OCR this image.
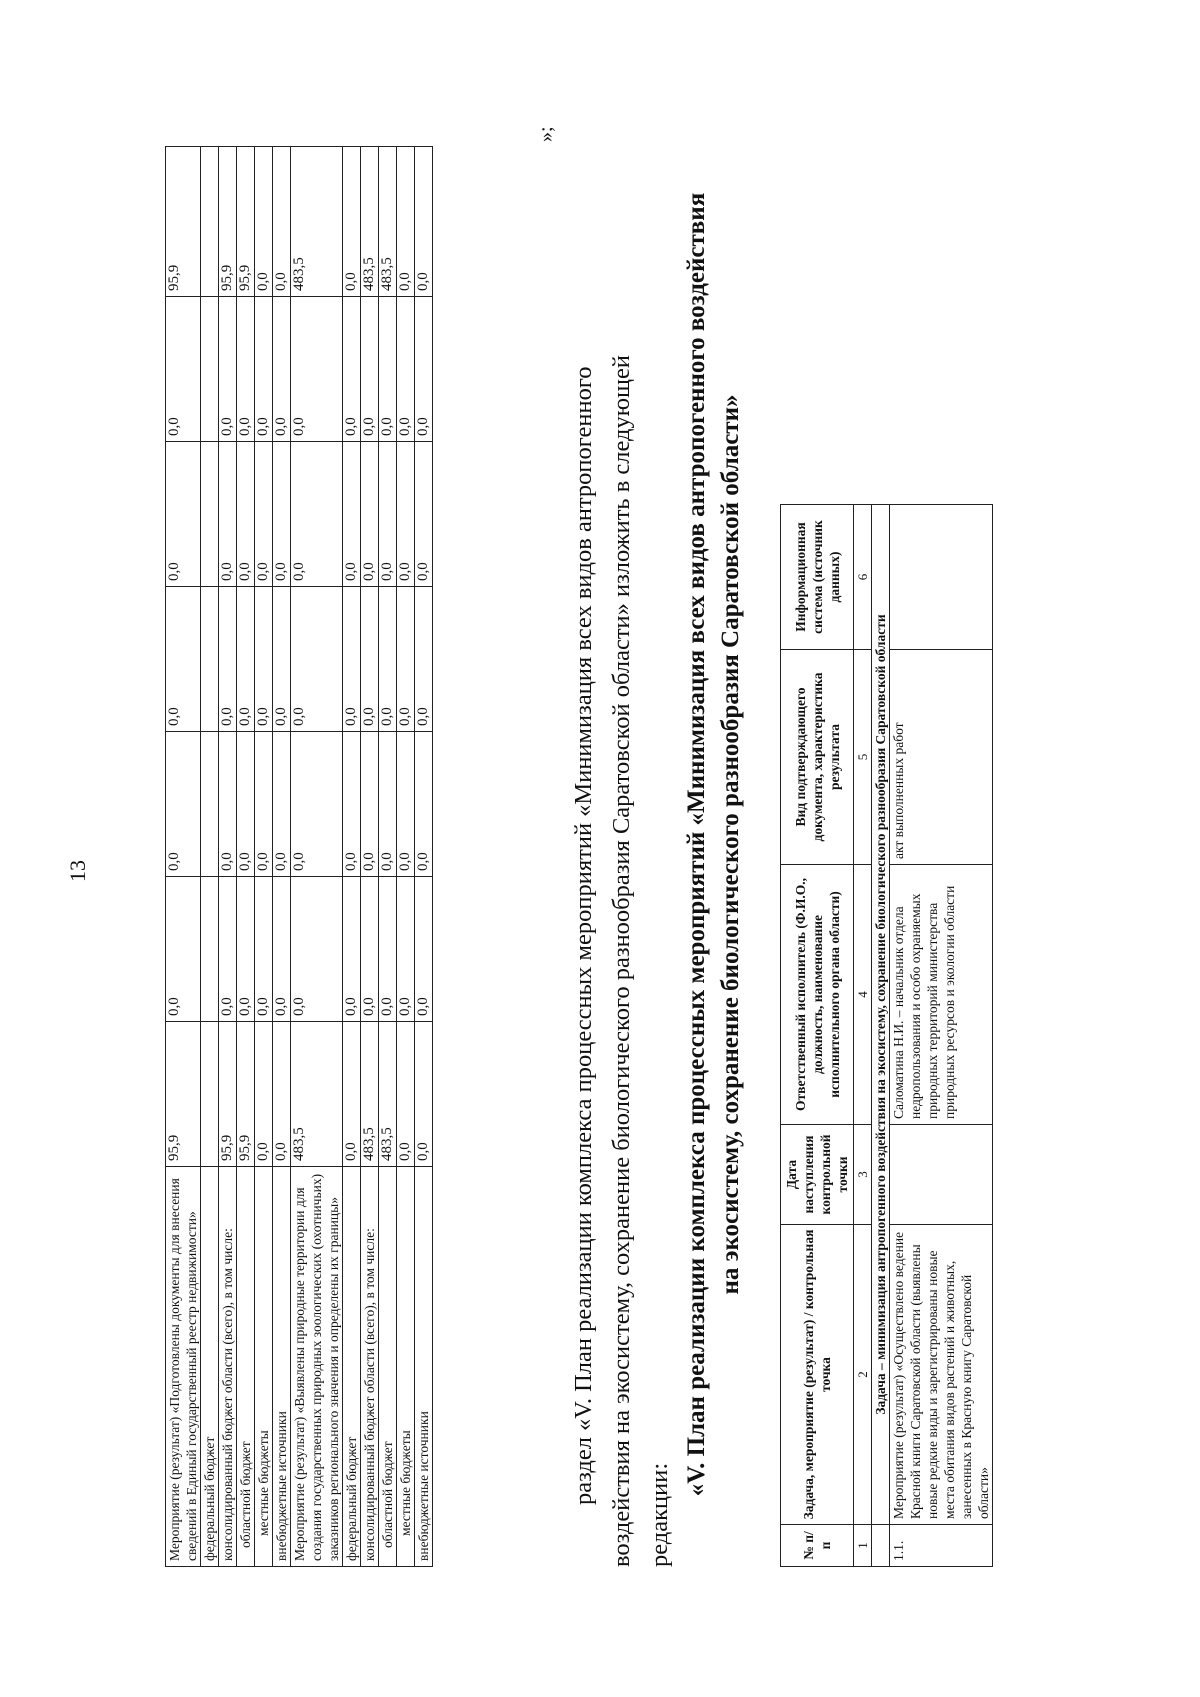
13
Мероприятие (результат) «Подготовлены документы для внесения сведений в Единый государственный реестр недвижимости»	95,9	0,0	0,0	0,0	0,0	0,0	95,9
федеральный бюджет							
консолидированный бюджет области (всего), в том числе:	95,9	0,0	0,0	0,0	0,0	0,0	95,9
областной бюджет	95,9	0,0	0,0	0,0	0,0	0,0	95,9
местные бюджеты	0,0	0,0	0,0	0,0	0,0	0,0	0,0
внебюджетные источники	0,0	0,0	0,0	0,0	0,0	0,0	0,0
Мероприятие (результат) «Выявлены природные территории для создания государственных природных зоологических (охотничьих) заказников регионального значения и определены их границы»	483,5	0,0	0,0	0,0	0,0	0,0	483,5
федеральный бюджет	0,0	0,0	0,0	0,0	0,0	0,0	0,0
консолидированный бюджет области (всего), в том числе:	483,5	0,0	0,0	0,0	0,0	0,0	483,5
областной бюджет	483,5	0,0	0,0	0,0	0,0	0,0	483,5
местные бюджеты	0,0	0,0	0,0	0,0	0,0	0,0	0,0
внебюджетные источники	0,0	0,0	0,0	0,0	0,0	0,0	0,0
»;
раздел «V. План реализации комплекса процессных мероприятий «Минимизация всех видов антропогенного воздействия на экосистему, сохранение биологического разнообразия Саратовской области» изложить в следующей редакции:
«V. План реализации комплекса процессных мероприятий «Минимизация всех видов антропогенного воздействия на экосистему, сохранение биологического разнообразия Саратовской области»
№ п/п	Задача, мероприятие (результат) / контрольная точка	Дата наступления контрольной точки	Ответственный исполнитель (Ф.И.О., должность, наименование исполнительного органа области)	Вид подтверждающего документа, характеристика результата	Информационная система (источник данных)	
1	2	3	4	5	6	
	Задача – минимизация антропогенного воздействия на экосистему, сохранение биологического разнообразия Саратовской области					
1.1.	Мероприятие (результат) «Осуществлено ведение Красной книги Саратовской области (выявлены новые редкие виды и зарегистрированы новые места обитания видов растений и животных, занесенных в Красную книгу Саратовской области»		Саломатина Н.И. – начальник отдела недропользования и особо охраняемых природных территорий министерства природных ресурсов и экологии области	акт выполненных работ		
